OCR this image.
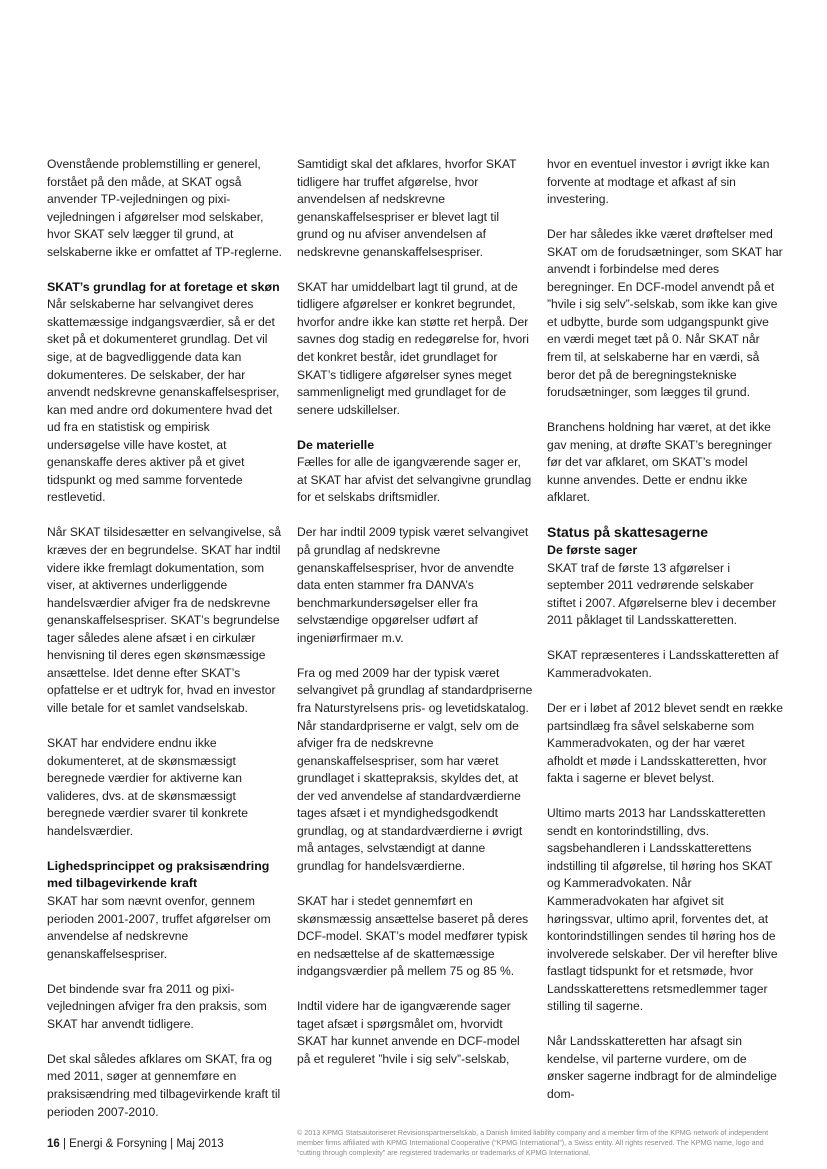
Ovenstående problemstilling er generel, forstået på den måde, at SKAT også anvender TP-vejledningen og pixi-vejledningen i afgørelser mod selskaber, hvor SKAT selv lægger til grund, at selskaberne ikke er omfattet af TP-reglerne.

SKAT’s grundlag for at foretage et skøn

Når selskaberne har selvangivet deres skattemæssige indgangsværdier, så er det sket på et dokumenteret grundlag. Det vil sige, at de bagvedliggende data kan dokumenteres. De selskaber, der har anvendt nedskrevne genanskaffelsespriser, kan med andre ord dokumentere hvad det ud fra en statistisk og empirisk undersøgelse ville have kostet, at genanskaffe deres aktiver på et givet tidspunkt og med samme forventede restlevetid.

Når SKAT tilsidesætter en selvangivelse, så kræves der en begrundelse. SKAT har indtil videre ikke fremlagt dokumentation, som viser, at aktivernes underliggende handelsværdier afviger fra de nedskrevne genanskaffelsespriser. SKAT’s begrundelse tager således alene afsæt i en cirkulær henvisning til deres egen skønsmæssige ansættelse. Idet denne efter SKAT’s opfattelse er et udtryk for, hvad en investor ville betale for et samlet vandselskab.

SKAT har endvidere endnu ikke dokumenteret, at de skønsmæssigt beregnede værdier for aktiverne kan valideres, dvs. at de skønsmæssigt beregnede værdier svarer til konkrete handelsværdier.

Lighedsprincippet og praksisændring med tilbagevirkende kraft

SKAT har som nævnt ovenfor, gennem perioden 2001-2007, truffet afgørelser om anvendelse af nedskrevne genanskaffelsespriser.

Det bindende svar fra 2011 og pixi-vejledningen afviger fra den praksis, som SKAT har anvendt tidligere.

Det skal således afklares om SKAT, fra og med 2011, søger at gennemføre en praksisændring med tilbagevirkende kraft til perioden 2007-2010.

Samtidigt skal det afklares, hvorfor SKAT tidligere har truffet afgørelse, hvor anvendelsen af nedskrevne genanskaffelsespriser er blevet lagt til grund og nu afviser anvendelsen af nedskrevne genanskaffelsespriser.

SKAT har umiddelbart lagt til grund, at de tidligere afgørelser er konkret begrundet, hvorfor andre ikke kan støtte ret herpå. Der savnes dog stadig en redegørelse for, hvori det konkret består, idet grundlaget for SKAT’s tidligere afgørelser synes meget sammenligneligt med grundlaget for de senere udskillelser.

De materielle

Fælles for alle de igangværende sager er, at SKAT har afvist det selvangivne grundlag for et selskabs driftsmidler.

Der har indtil 2009 typisk været selvangivet på grundlag af nedskrevne genanskaffelsespriser, hvor de anvendte data enten stammer fra DANVA’s benchmarkundersøgelser eller fra selvstændige opgørelser udført af ingeniørfirmaer m.v.

Fra og med 2009 har der typisk været selvangivet på grundlag af standardpriserne fra Naturstyrelsens pris- og levetidskatalog. Når standardpriserne er valgt, selv om de afviger fra de nedskrevne genanskaffelsespriser, som har været grundlaget i skattepraksis, skyldes det, at der ved anvendelse af standardværdierne tages afsæt i et myndighedsgodkendt grundlag, og at standardværdierne i øvrigt må antages, selvstændigt at danne grundlag for handelsværdierne.

SKAT har i stedet gennemført en skønsmæssig ansættelse baseret på deres DCF-model. SKAT’s model medfører typisk en nedsættelse af de skattemæssige indgangsværdier på mellem 75 og 85 %.

Indtil videre har de igangværende sager taget afsæt i spørgsmålet om, hvorvidt SKAT har kunnet anvende en DCF-model på et reguleret ”hvile i sig selv”-selskab,

hvor en eventuel investor i øvrigt ikke kan forvente at modtage et afkast af sin investering.

Der har således ikke været drøftelser med SKAT om de forudsætninger, som SKAT har anvendt i forbindelse med deres beregninger. En DCF-model anvendt på et ”hvile i sig selv”-selskab, som ikke kan give et udbytte, burde som udgangspunkt give en værdi meget tæt på 0. Når SKAT når frem til, at selskaberne har en værdi, så beror det på de beregningstekniske forudsætninger, som lægges til grund.

Branchens holdning har været, at det ikke gav mening, at drøfte SKAT’s beregninger før det var afklaret, om SKAT’s model kunne anvendes. Dette er endnu ikke afklaret.

Status på skattesagerne
De første sager

SKAT traf de første 13 afgørelser i september 2011 vedrørende selskaber stiftet i 2007. Afgørelserne blev i december 2011 påklaget til Landsskatteretten.

SKAT repræsenteres i Landsskatteretten af Kammeradvokaten.

Der er i løbet af 2012 blevet sendt en række partsindlæg fra såvel selskaberne som Kammeradvokaten, og der har været afholdt et møde i Landsskatteretten, hvor fakta i sagerne er blevet belyst.

Ultimo marts 2013 har Landsskatteretten sendt en kontorindstilling, dvs. sagsbehandleren i Landsskatterettens indstilling til afgørelse, til høring hos SKAT og Kammeradvokaten. Når Kammeradvokaten har afgivet sit høringssvar, ultimo april, forventes det, at kontorindstillingen sendes til høring hos de involverede selskaber. Der vil herefter blive fastlagt tidspunkt for et retsmøde, hvor Landsskatterettens retsmedlemmer tager stilling til sagerne.

Når Landsskatteretten har afsagt sin kendelse, vil parterne vurdere, om de ønsker sagerne indbragt for de almindelige dom-

16 | Energi & Forsyning | Maj 2013
© 2013 KPMG Statsautoriseret Revisionspartnerselskab, a Danish limited liability company and a member firm of the KPMG network of independent member firms affiliated with KPMG International Cooperative (“KPMG International”), a Swiss entity. All rights reserved. The KPMG name, logo and “cutting through complexity” are registered trademarks or trademarks of KPMG International.
